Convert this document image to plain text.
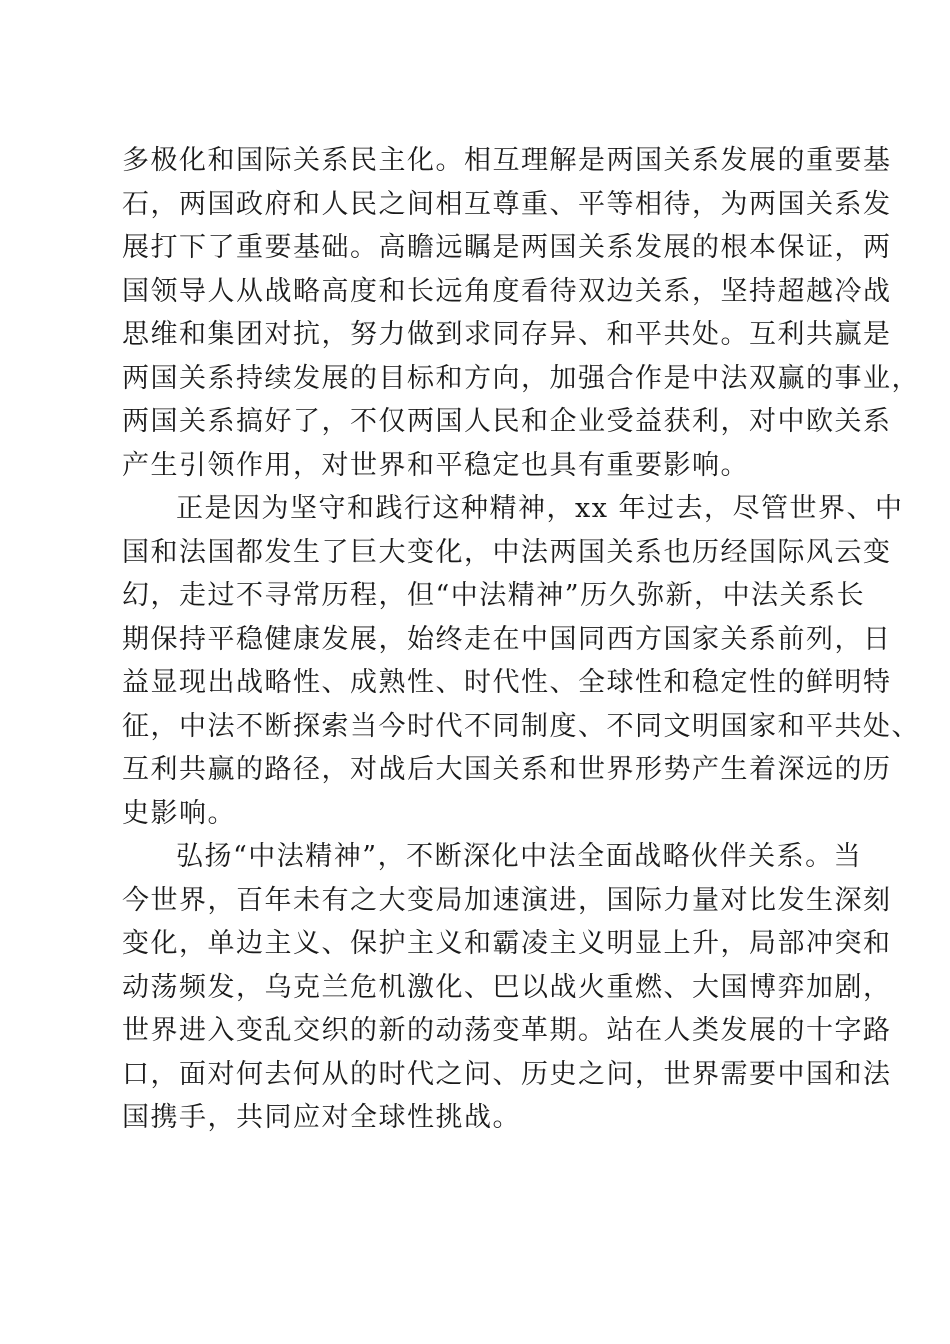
多极化和国际关系民主化。相互理解是两国关系发展的重要基
石，两国政府和人民之间相互尊重、平等相待，为两国关系发
展打下了重要基础。高瞻远瞩是两国关系发展的根本保证，两
国领导人从战略高度和长远角度看待双边关系，坚持超越冷战
思维和集团对抗，努力做到求同存异、和平共处。互利共赢是
两国关系持续发展的目标和方向，加强合作是中法双赢的事业，
两国关系搞好了，不仅两国人民和企业受益获利，对中欧关系
产生引领作用，对世界和平稳定也具有重要影响。
正是因为坚守和践行这种精神，xx 年过去，尽管世界、中
国和法国都发生了巨大变化，中法两国关系也历经国际风云变
幻，走过不寻常历程，但“中法精神”历久弥新，中法关系长
期保持平稳健康发展，始终走在中国同西方国家关系前列，日
益显现出战略性、成熟性、时代性、全球性和稳定性的鲜明特
征，中法不断探索当今时代不同制度、不同文明国家和平共处、
互利共赢的路径，对战后大国关系和世界形势产生着深远的历
史影响。
弘扬“中法精神”，不断深化中法全面战略伙伴关系。当
今世界，百年未有之大变局加速演进，国际力量对比发生深刻
变化，单边主义、保护主义和霸凌主义明显上升，局部冲突和
动荡频发，乌克兰危机激化、巴以战火重燃、大国博弈加剧，
世界进入变乱交织的新的动荡变革期。站在人类发展的十字路
口，面对何去何从的时代之问、历史之问，世界需要中国和法
国携手，共同应对全球性挑战。
